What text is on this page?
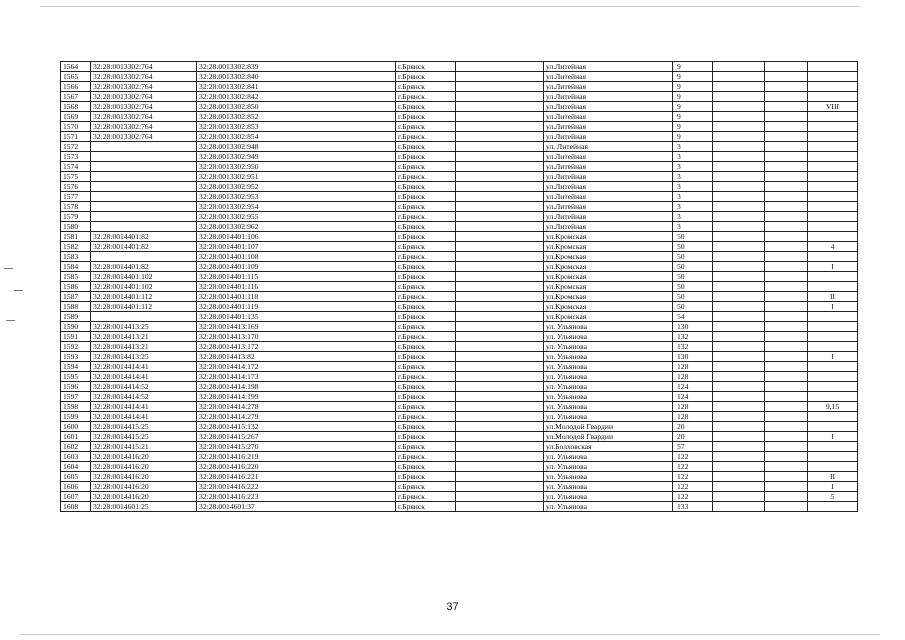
1564	32:28:0013302:764	32:28:0013302:839	г.Брянск		ул.Литейная	9			
1565	32:28:0013302:764	32:28:0013302:840	г.Брянск		ул.Литейная	9			
1566	32:28:0013302:764	32:28:0013302:841	г.Брянск		ул.Литейная	9			
1567	32:28:0013302:764	32:28:0013302:842	г.Брянск		ул.Литейная	9			
1568	32:28:0013302:764	32:28:0013302:850	г.Брянск		ул.Литейная	9			VIII
1569	32:28:0013302:764	32:28:0013302:852	г.Брянск		ул.Литейная	9			
1570	32:28:0013302:764	32:28:0013302:853	г.Брянск		ул.Литейная	9			
1571	32:28:0013302:764	32:28:0013302:854	г.Брянск		ул.Литейная	9			
1572		32:28:0013302:948	г.Брянск		ул. Литейная	3			
1573		32:28:0013302:949	г.Брянск		ул.Литейная	3			
1574		32:28:0013302:950	г.Брянск		ул.Литейная	3			
1575		32:28:0013302:951	г.Брянск		ул.Литейная	3			
1576		32:28:0013302:952	г.Брянск		ул.Литейная	3			
1577		32:28:0013302:953	г.Брянск		ул.Литейная	3			
1578		32:28:0013302:954	г.Брянск		ул.Литейная	3			
1579		32:28:0013302:955	г.Брянск		ул.Литейная	3			
1580		32:28:0013302:962	г.Брянск		ул.Литейная	3			
1581	32:28:0014401:82	32:28:0014401:106	г.Брянск		ул.Кромская	50			
1582	32:28:0014401:82	32:28:0014401:107	г.Брянск		ул.Кромская	50			4
1583		32:28:0014401:108	г.Брянск		ул.Кромская	50			
1584	32:28:0014401:82	32:28:0014401:109	г.Брянск		ул.Кромская	50			I
1585	32:28:0014401:102	32:28:0014401:115	г.Брянск		ул.Кромская	50			
1586	32:28:0014401:102	32:28:0014401:116	г.Брянск		ул.Кромская	50			
1587	32:28:0014401:112	32:28:0014401:118	г.Брянск		ул.Кромская	50			II
1588	32:28:0014401:112	32:28:0014401:119	г.Брянск		ул.Кромская	50			I
1589		32:28:0014401:135	г.Брянск		ул.Кромская	54			
1590	32:28:0014413:25	32:28:0014413:169	г.Брянск		ул. Ульянова	130			
1591	32:28:0014413:21	32:28:0014413:170	г.Брянск		ул. Ульянова	132			
1592	32:28:0014413:21	32:28:0014413:172	г.Брянск		ул. Ульянова	132			
1593	32:28:0014413:25	32:28:0014413:82	г.Брянск		ул. Ульянова	130			I
1594	32:28:0014414:41	32:28:0014414:172	г.Брянск		ул. Ульянова	128			
1595	32:28:0014414:41	32:28:0014414:173	г.Брянск		ул. Ульянова	128			
1596	32:28:0014414:52	32:28:0014414:198	г.Брянск		ул. Ульянова	124			
1597	32:28:0014414:52	32:28:0014414:199	г.Брянск		ул. Ульянова	124			
1598	32:28:0014414:41	32:28:0014414:278	г.Брянск		ул. Ульянова	128			9,15
1599	32:28:0014414:41	32:28:0014414:279	г.Брянск		ул. Ульянова	128			
1600	32:28:0014415:25	32:28:0014415:132	г.Брянск		ул.Молодой Гвардии	20			
1601	32:28:0014415:25	32:28:0014415:267	г.Брянск		ул.Молодой Гвардии	20			I
1602	32:28:0014415:21	32:28:0014415:270	г.Брянск		ул.Болховская	57			
1603	32:28:0014416:20	32:28:0014416:219	г.Брянск		ул. Ульянова	122			
1604	32:28:0014416:20	32:28:0014416:220	г.Брянск		ул. Ульянова	122			
1605	32:28:0014416:20	32:28:0014416:221	г.Брянск		ул. Ульянова	122			II
1606	32:28:0014416:20	32:28:0014416:222	г.Брянск		ул. Ульянова	122			I
1607	32:28:0014416:20	32:28:0014416:223	г.Брянск		ул. Ульянова	122			5
1608	32:28:0014601:25	32:28:0014601:37	г.Брянск		ул. Ульянова	133			
37
